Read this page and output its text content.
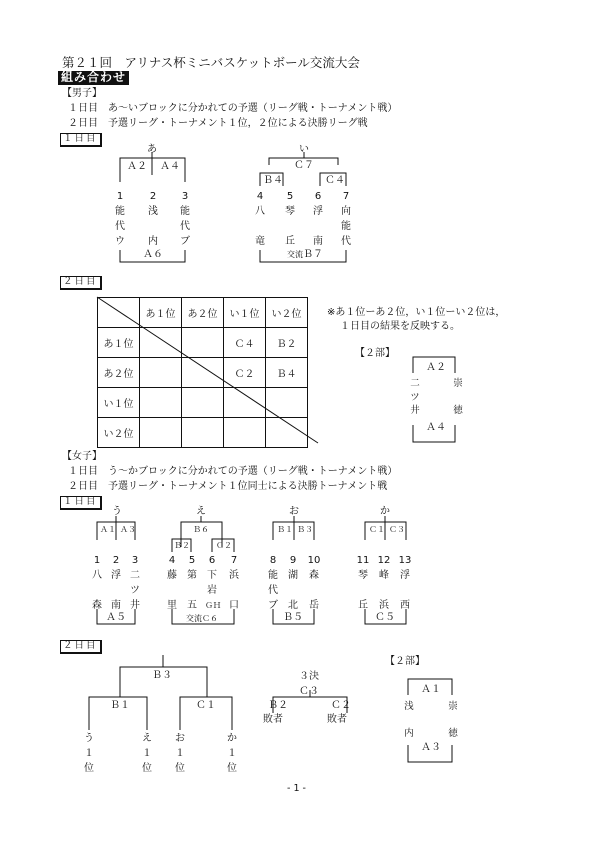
第２１回　アリナス杯ミニバスケットボール交流大会
組み合わせ
【男子】
１日目　あ～いブロックに分かれての予選（リーグ戦・トーナメント戦）
２日目　予選リーグ・トーナメント１位，２位による決勝リーグ戦
１日目
あ
Ａ２ Ａ４
1
能
代
ウ
2
浅

内
3
能
代
ブ
Ａ６
い
Ｃ７
Ｂ４	Ｃ４
4
八

竜
5
琴

丘
6
浮

南
7
向
能
代
交流Ｂ７
２日目
	あ１位	あ２位	い１位	い２位
あ１位			Ｃ４	Ｂ２
あ２位			Ｃ２	Ｂ４
い１位				
い２位				
※あ１位ーあ２位，い１位ーい２位は，
１日目の結果を反映する。
【２部】
Ａ２
二
ツ
井
崇

徳
Ａ４
【女子】
１日目　う～かブロックに分かれての予選（リーグ戦・トーナメント戦）
２日目　予選リーグ・トーナメント１位同士による決勝トーナメント戦
１日目
う
Ａ１ Ａ３
1
八

森
2
浮

南
3
二
ツ
井
Ａ５
え
Ｂ６
Ｂ２	Ｃ２
4
藤

里
5
第

五
6
下
岩
ＧＨ
7
浜

口
交流Ｃ６
お
Ｂ１ Ｂ３
8
能
代
ブ
9
湖

北
10
森

岳
Ｂ５
か
Ｃ１ Ｃ３
11
琴

丘
12
峰

浜
13
浮

西
Ｃ５
２日目
Ｂ３
Ｂ１	Ｃ１
う
１
位
え
１
位
お
１
位
か
１
位
３決
Ｃ３
Ｂ２	Ｃ２
敗者	敗者
【２部】
Ａ１
浅

内
崇

徳
Ａ３
- 1 -
